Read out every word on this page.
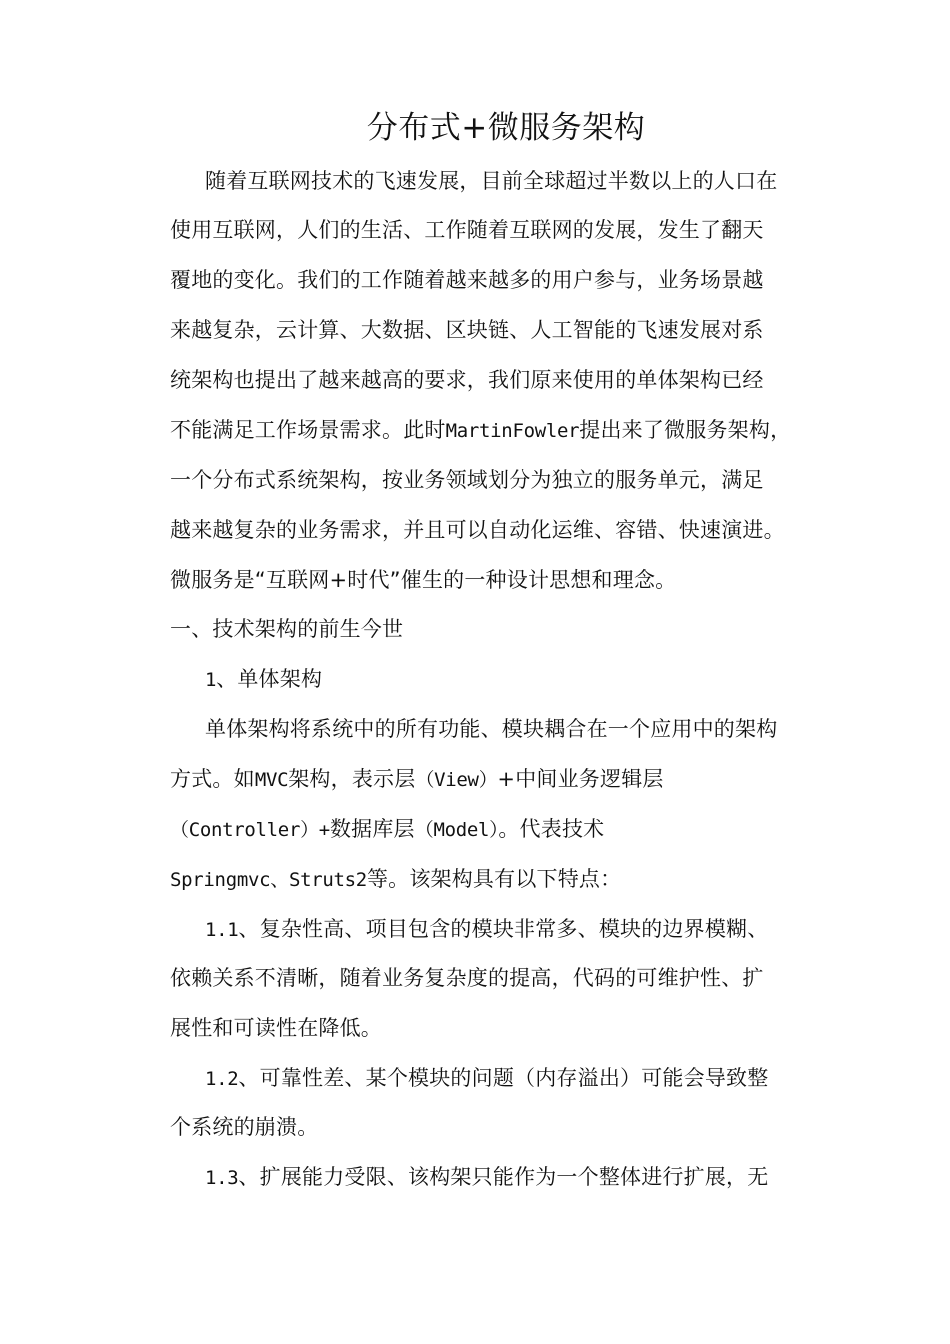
分布式+微服务架构
随着互联网技术的飞速发展，目前全球超过半数以上的人口在
使用互联网，人们的生活、工作随着互联网的发展，发生了翻天
覆地的变化。我们的工作随着越来越多的用户参与，业务场景越
来越复杂，云计算、大数据、区块链、人工智能的飞速发展对系
统架构也提出了越来越高的要求，我们原来使用的单体架构已经
不能满足工作场景需求。此时MartinFowler提出来了微服务架构，
一个分布式系统架构，按业务领域划分为独立的服务单元，满足
越来越复杂的业务需求，并且可以自动化运维、容错、快速演进。
微服务是“互联网+时代”催生的一种设计思想和理念。
一、技术架构的前生今世
1、单体架构
单体架构将系统中的所有功能、模块耦合在一个应用中的架构
方式。如MVC架构，表示层（View）+中间业务逻辑层
（Controller）+数据库层（Model）。代表技术
Springmvc、Struts2等。该架构具有以下特点：
1.1、复杂性高、项目包含的模块非常多、模块的边界模糊、
依赖关系不清晰，随着业务复杂度的提高，代码的可维护性、扩
展性和可读性在降低。
1.2、可靠性差、某个模块的问题（内存溢出）可能会导致整
个系统的崩溃。
1.3、扩展能力受限、该构架只能作为一个整体进行扩展，无
